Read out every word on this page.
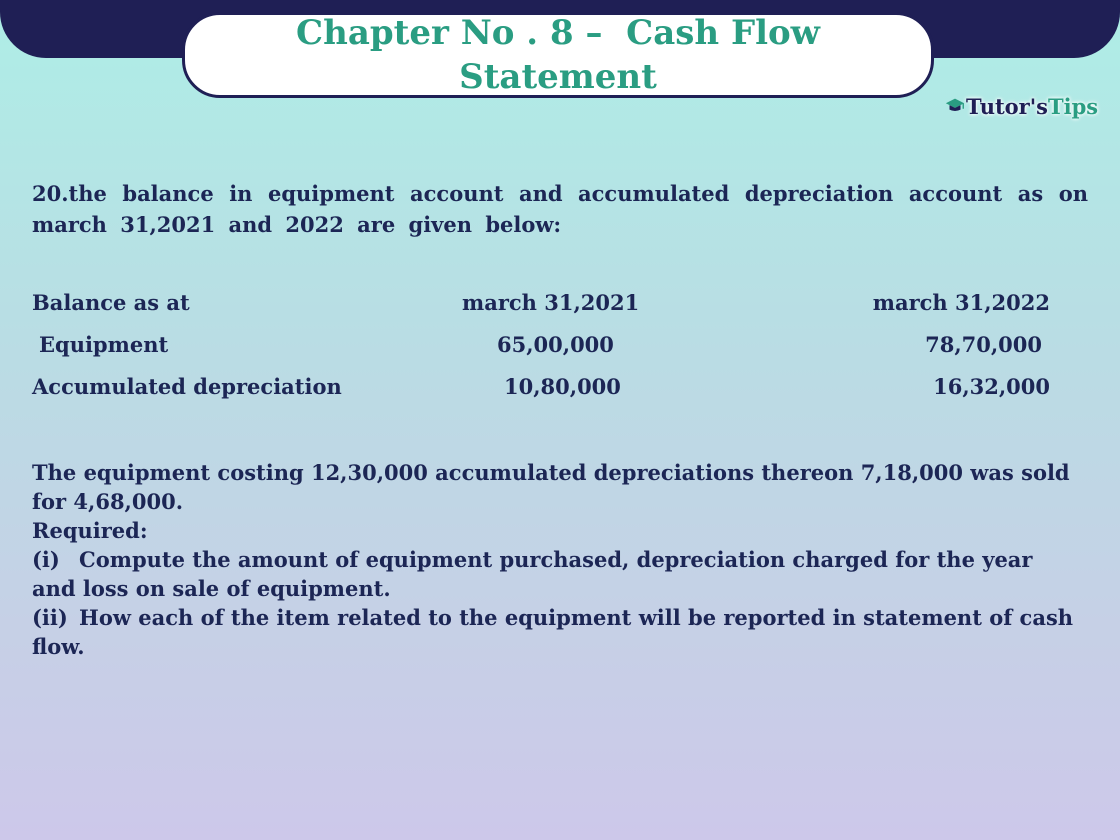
Chapter No . 8 –  Cash Flow
Statement
Tutor'sTips
20.the balance in equipment account and accumulated depreciation account as on march 31,2021 and 2022 are given below:
Balance as at	march 31,2021	march 31,2022
Equipment	65,00,000	78,70,000
Accumulated depreciation	10,80,000	16,32,000

The equipment costing 12,30,000 accumulated depreciations thereon 7,18,000 was sold for 4,68,000.

Required:

(i) Compute the amount of equipment purchased, depreciation charged for the year and loss on sale of equipment.

(ii) How each of the item related to the equipment will be reported in statement of cash flow.
